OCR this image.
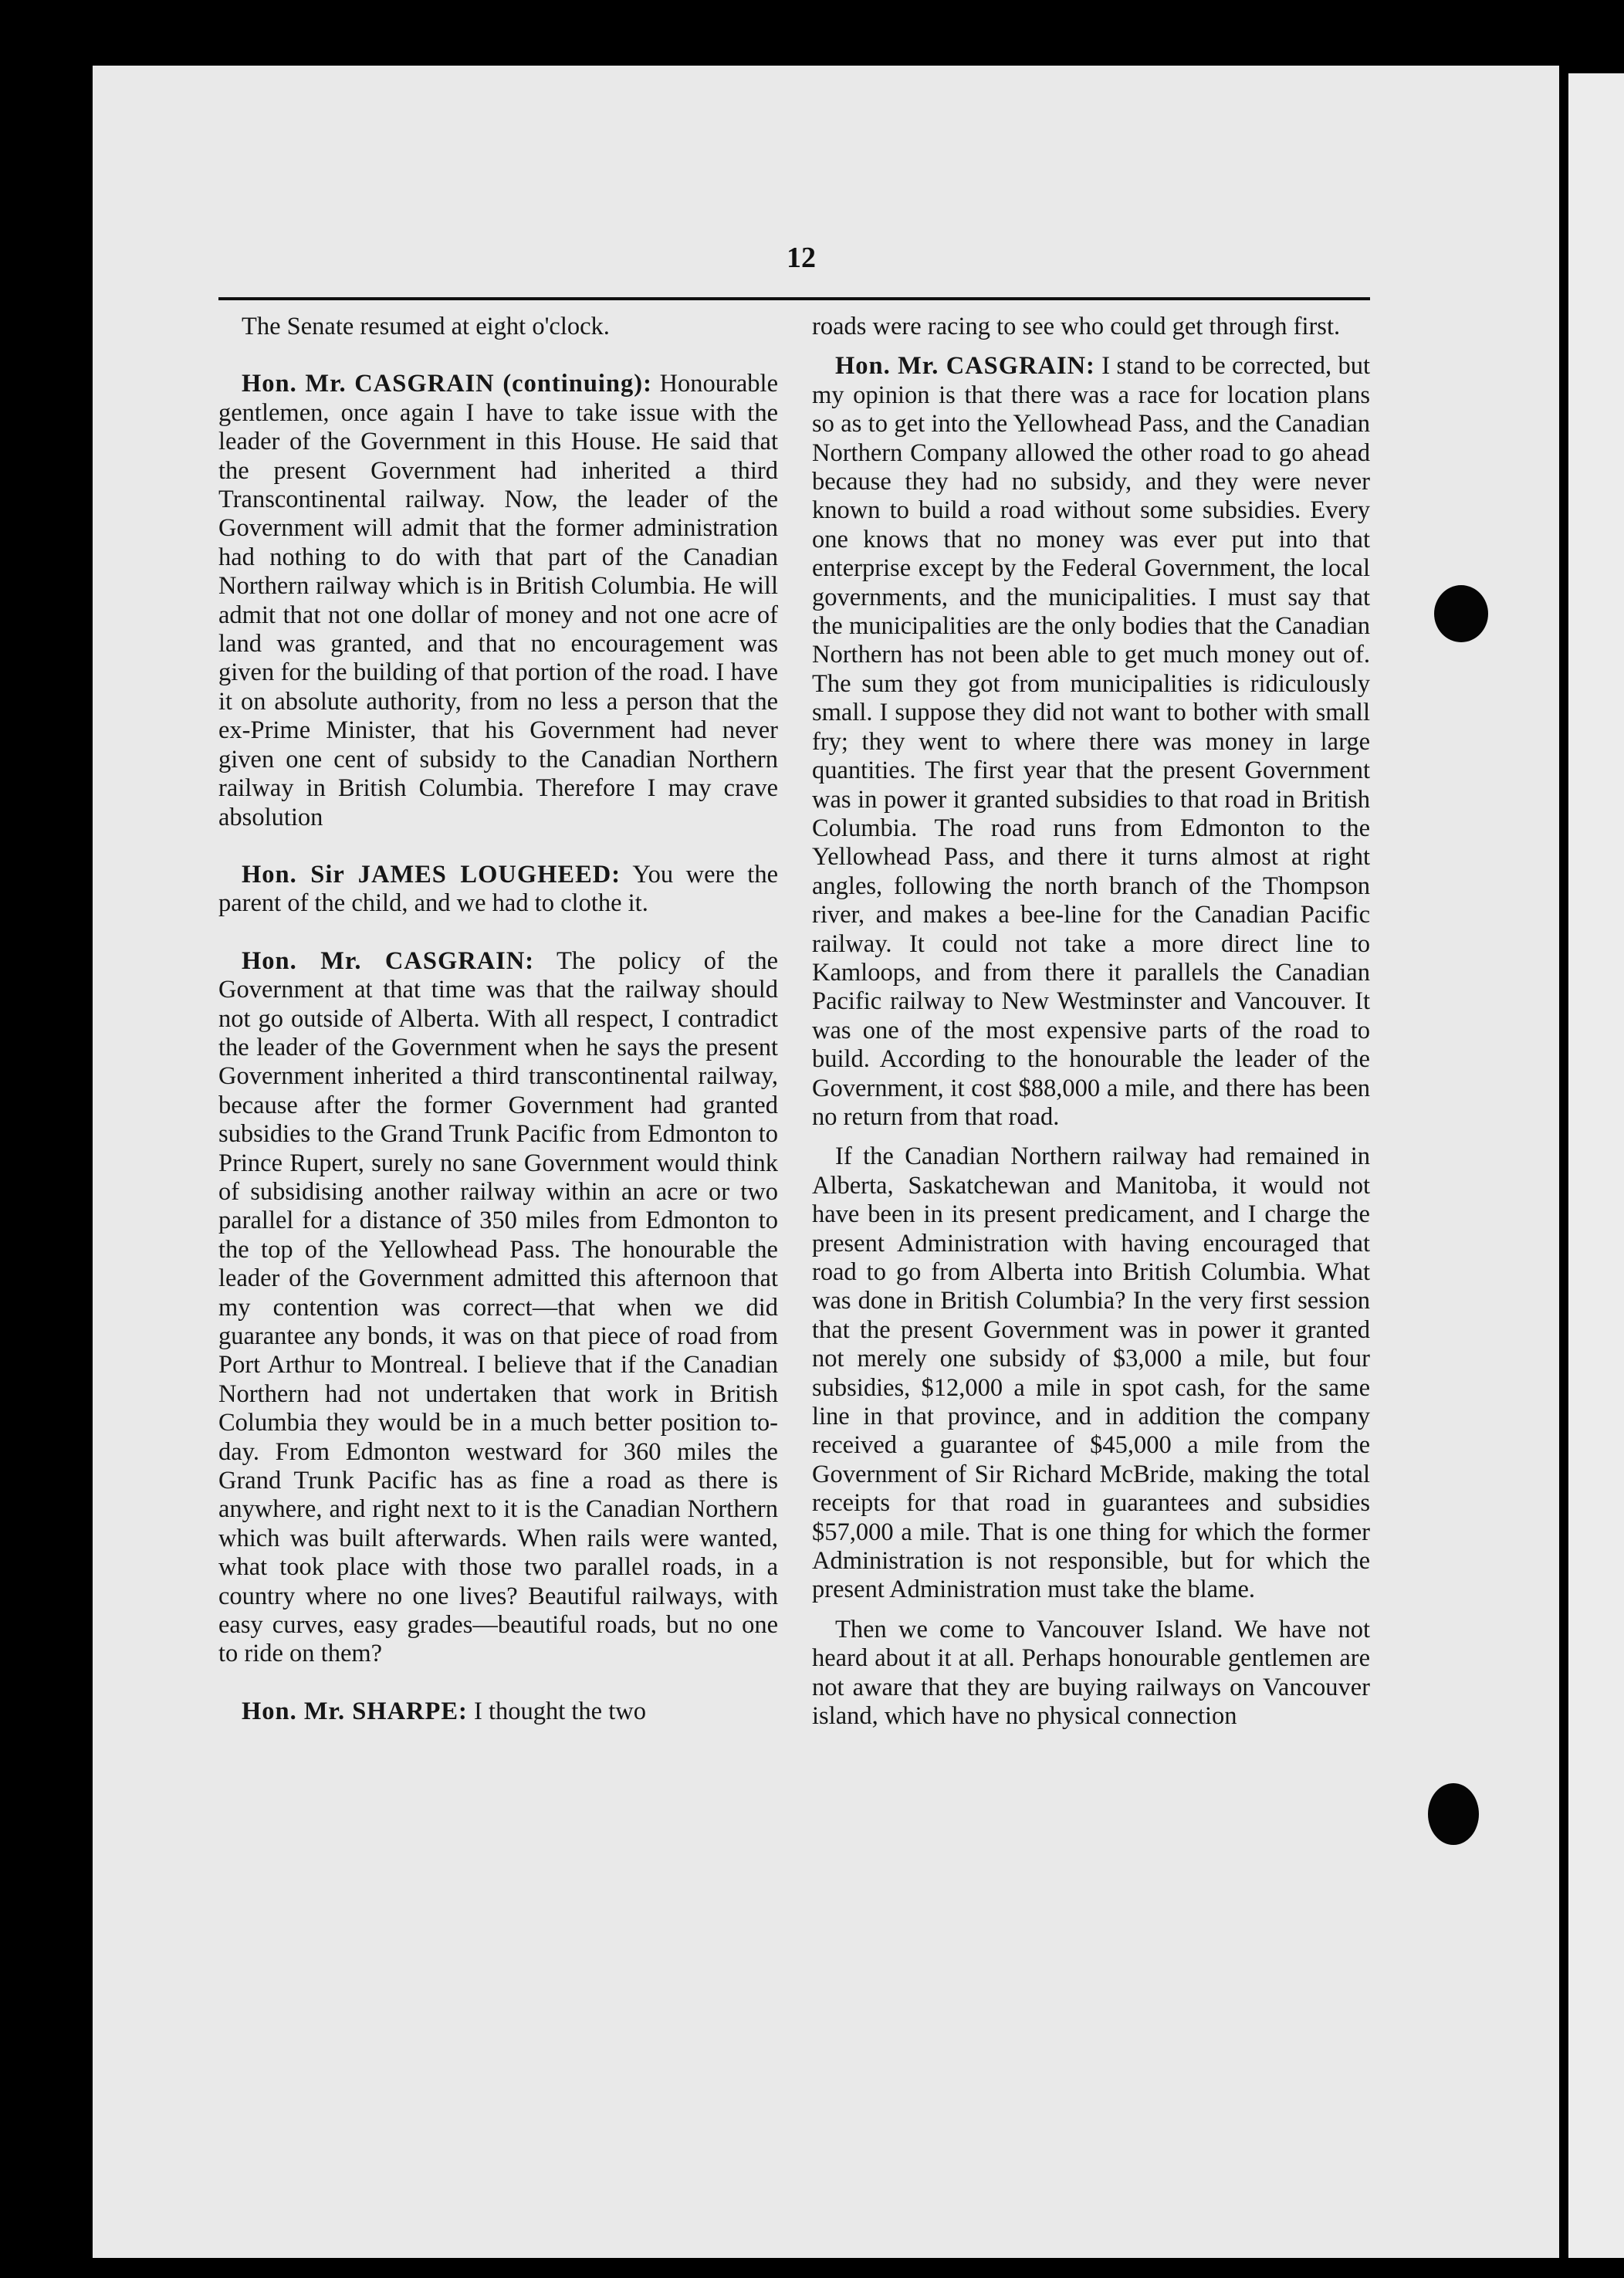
12

The Senate resumed at eight o'clock.

Hon. Mr. CASGRAIN (continuing): Honourable gentlemen, once again I have to take issue with the leader of the Government in this House. He said that the present Government had inherited a third Transcontinental railway. Now, the leader of the Government will admit that the former administration had nothing to do with that part of the Canadian Northern railway which is in British Columbia. He will admit that not one dollar of money and not one acre of land was granted, and that no encouragement was given for the building of that portion of the road. I have it on absolute authority, from no less a person that the ex-Prime Minister, that his Government had never given one cent of subsidy to the Canadian Northern railway in British Columbia. Therefore I may crave absolution

Hon. Sir JAMES LOUGHEED: You were the parent of the child, and we had to clothe it.

Hon. Mr. CASGRAIN: The policy of the Government at that time was that the railway should not go outside of Alberta. With all respect, I contradict the leader of the Government when he says the present Government inherited a third transcontinental railway, because after the former Government had granted subsidies to the Grand Trunk Pacific from Edmonton to Prince Rupert, surely no sane Government would think of subsidising another railway within an acre or two parallel for a distance of 350 miles from Edmonton to the top of the Yellowhead Pass. The honourable the leader of the Government admitted this afternoon that my contention was correct—that when we did guarantee any bonds, it was on that piece of road from Port Arthur to Montreal. I believe that if the Canadian Northern had not undertaken that work in British Columbia they would be in a much better position to-day. From Edmonton westward for 360 miles the Grand Trunk Pacific has as fine a road as there is anywhere, and right next to it is the Canadian Northern which was built afterwards. When rails were wanted, what took place with those two parallel roads, in a country where no one lives? Beautiful railways, with easy curves, easy grades—beautiful roads, but no one to ride on them?

Hon. Mr. SHARPE: I thought the two

roads were racing to see who could get through first.

Hon. Mr. CASGRAIN: I stand to be corrected, but my opinion is that there was a race for location plans so as to get into the Yellowhead Pass, and the Canadian Northern Company allowed the other road to go ahead because they had no subsidy, and they were never known to build a road without some subsidies. Every one knows that no money was ever put into that enterprise except by the Federal Government, the local governments, and the municipalities. I must say that the municipalities are the only bodies that the Canadian Northern has not been able to get much money out of. The sum they got from municipalities is ridiculously small. I suppose they did not want to bother with small fry; they went to where there was money in large quantities. The first year that the present Government was in power it granted subsidies to that road in British Columbia. The road runs from Edmonton to the Yellowhead Pass, and there it turns almost at right angles, following the north branch of the Thompson river, and makes a bee-line for the Canadian Pacific railway. It could not take a more direct line to Kamloops, and from there it parallels the Canadian Pacific railway to New Westminster and Vancouver. It was one of the most expensive parts of the road to build. According to the honourable the leader of the Government, it cost $88,000 a mile, and there has been no return from that road.

If the Canadian Northern railway had remained in Alberta, Saskatchewan and Manitoba, it would not have been in its present predicament, and I charge the present Administration with having encouraged that road to go from Alberta into British Columbia. What was done in British Columbia? In the very first session that the present Government was in power it granted not merely one subsidy of $3,000 a mile, but four subsidies, $12,000 a mile in spot cash, for the same line in that province, and in addition the company received a guarantee of $45,000 a mile from the Government of Sir Richard McBride, making the total receipts for that road in guarantees and subsidies $57,000 a mile. That is one thing for which the former Administration is not responsible, but for which the present Administration must take the blame.

Then we come to Vancouver Island. We have not heard about it at all. Perhaps honourable gentlemen are not aware that they are buying railways on Vancouver island, which have no physical connection
